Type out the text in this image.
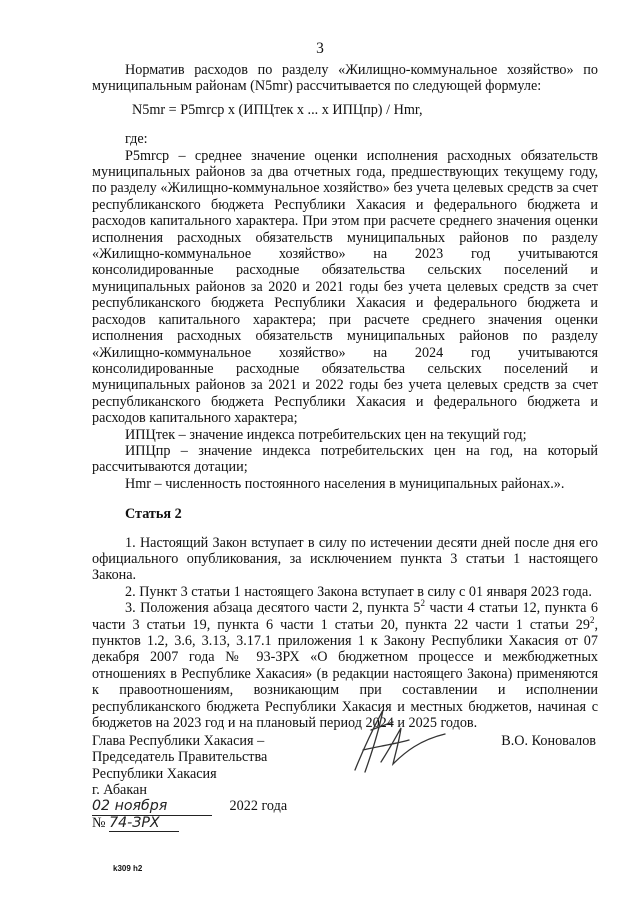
3

Норматив расходов по разделу «Жилищно-коммунальное хозяйство» по муниципальным районам (N5mr) рассчитывается по следующей формуле:

N5mr = P5mrср х (ИПЦтек х ... х ИПЦпр) / Hmr,

где:

P5mrср – среднее значение оценки исполнения расходных обязательств муниципальных районов за два отчетных года, предшествующих текущему году, по разделу «Жилищно-коммунальное хозяйство» без учета целевых средств за счет республиканского бюджета Республики Хакасия и федерального бюджета и расходов капитального характера. При этом при расчете среднего значения оценки исполнения расходных обязательств муниципальных районов по разделу «Жилищно-коммунальное хозяйство» на 2023 год учитываются консолидированные расходные обязательства сельских поселений и муниципальных районов за 2020 и 2021 годы без учета целевых средств за счет республиканского бюджета Республики Хакасия и федерального бюджета и расходов капитального характера; при расчете среднего значения оценки исполнения расходных обязательств муниципальных районов по разделу «Жилищно-коммунальное хозяйство» на 2024 год учитываются консолидированные расходные обязательства сельских поселений и муниципальных районов за 2021 и 2022 годы без учета целевых средств за счет республиканского бюджета Республики Хакасия и федерального бюджета и расходов капитального характера;

ИПЦтек – значение индекса потребительских цен на текущий год;

ИПЦпр – значение индекса потребительских цен на год, на который рассчитываются дотации;

Hmr – численность постоянного населения в муниципальных районах.».

Статья 2

1. Настоящий Закон вступает в силу по истечении десяти дней после дня его официального опубликования, за исключением пункта 3 статьи 1 настоящего Закона.

2. Пункт 3 статьи 1 настоящего Закона вступает в силу с 01 января 2023 года.

3. Положения абзаца десятого части 2, пункта $5^2$ части 4 статьи 12, пункта 6 части 3 статьи 19, пункта 6 части 1 статьи 20, пункта 22 части 1 статьи $29^2$, пунктов 1.2, 3.6, 3.13, 3.17.1 приложения 1 к Закону Республики Хакасия от 07 декабря 2007 года № 93-ЗРХ «О бюджетном процессе и межбюджетных отношениях в Республике Хакасия» (в редакции настоящего Закона) применяются к правоотношениям, возникающим при составлении и исполнении республиканского бюджета Республики Хакасия и местных бюджетов, начиная с бюджетов на 2023 год и на плановый период 2024 и 2025 годов.

Глава Республики Хакасия –
Председатель Правительства
Республики Хакасия
В.О. Коновалов
г. Абакан
02 ноября	2022 года
№ 74-ЗРХ
k309 h2
